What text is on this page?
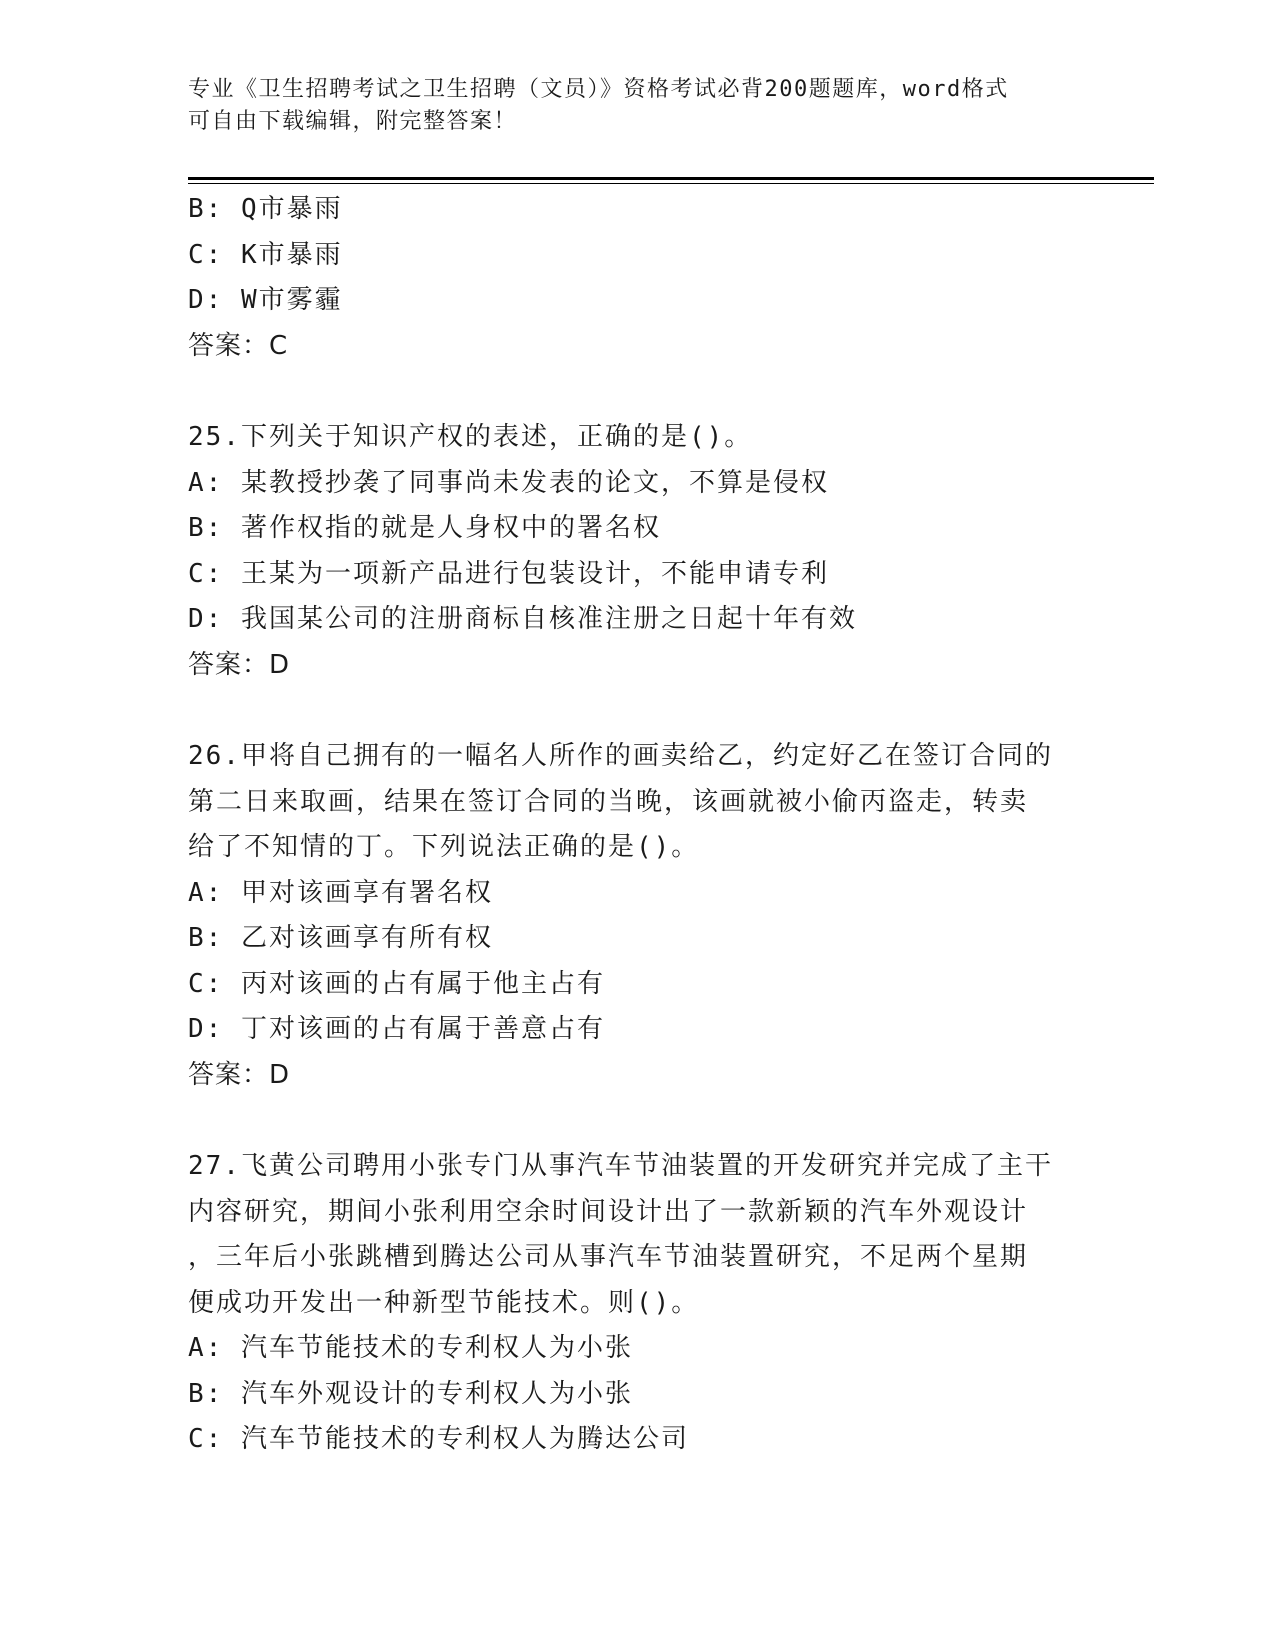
专业《卫生招聘考试之卫生招聘（文员）》资格考试必背200题题库，word格式
可自由下载编辑，附完整答案！
B: Q市暴雨
C: K市暴雨
D: W市雾霾
答案：C
25.下列关于知识产权的表述，正确的是()。
A: 某教授抄袭了同事尚未发表的论文，不算是侵权
B: 著作权指的就是人身权中的署名权
C: 王某为一项新产品进行包装设计，不能申请专利
D: 我国某公司的注册商标自核准注册之日起十年有效
答案：D
26.甲将自己拥有的一幅名人所作的画卖给乙，约定好乙在签订合同的
第二日来取画，结果在签订合同的当晚，该画就被小偷丙盗走，转卖
给了不知情的丁。下列说法正确的是()。
A: 甲对该画享有署名权
B: 乙对该画享有所有权
C: 丙对该画的占有属于他主占有
D: 丁对该画的占有属于善意占有
答案：D
27.飞黄公司聘用小张专门从事汽车节油装置的开发研究并完成了主干
内容研究，期间小张利用空余时间设计出了一款新颖的汽车外观设计
，三年后小张跳槽到腾达公司从事汽车节油装置研究，不足两个星期
便成功开发出一种新型节能技术。则()。
A: 汽车节能技术的专利权人为小张
B: 汽车外观设计的专利权人为小张
C: 汽车节能技术的专利权人为腾达公司
